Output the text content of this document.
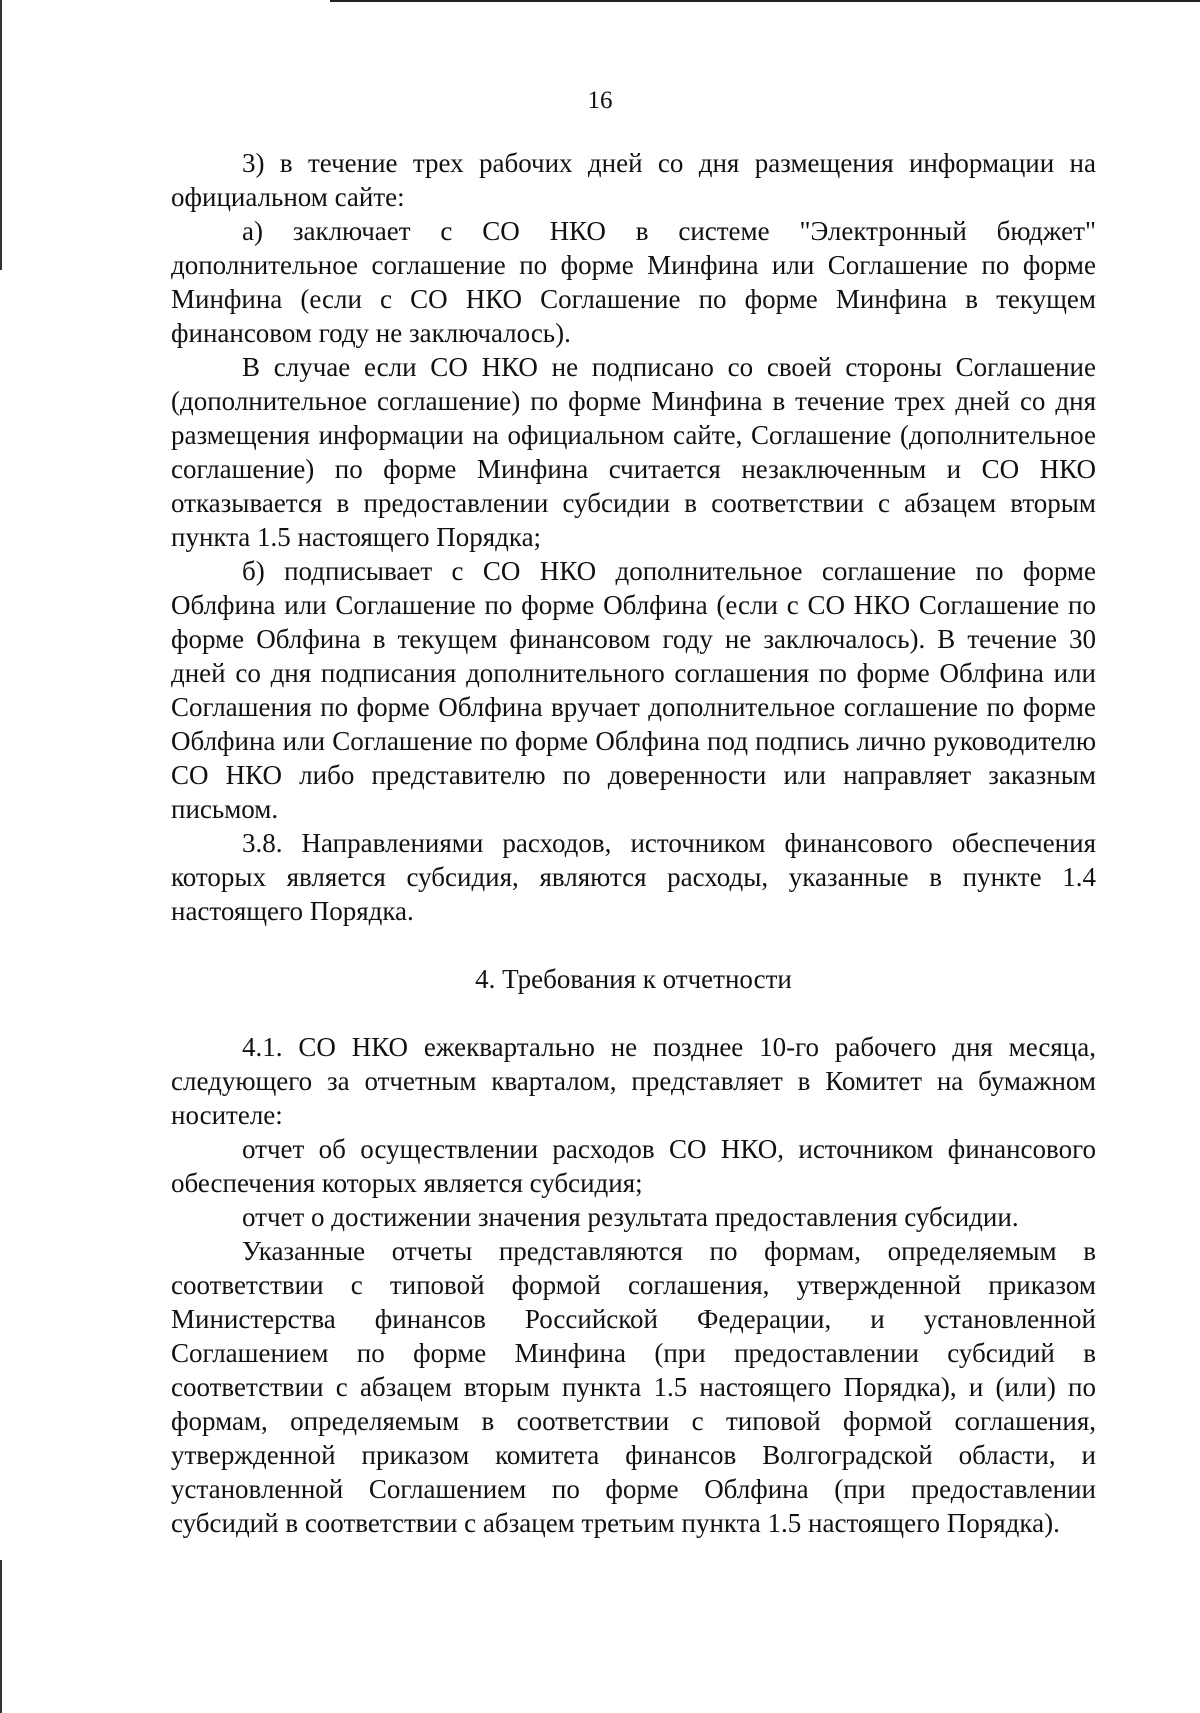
16

3) в течение трех рабочих дней со дня размещения информации на официальном сайте:

а) заключает с СО НКО в системе "Электронный бюджет" дополнительное соглашение по форме Минфина или Соглашение по форме Минфина (если с СО НКО Соглашение по форме Минфина в текущем финансовом году не заключалось).

В случае если СО НКО не подписано со своей стороны Соглашение (дополнительное соглашение) по форме Минфина в течение трех дней со дня размещения информации на официальном сайте, Соглашение (дополнительное соглашение) по форме Минфина считается незаключенным и СО НКО отказывается в предоставлении субсидии в соответствии с абзацем вторым пункта 1.5 настоящего Порядка;

б) подписывает с СО НКО дополнительное соглашение по форме Облфина или Соглашение по форме Облфина (если с СО НКО Соглашение по форме Облфина в текущем финансовом году не заключалось). В течение 30 дней со дня подписания дополнительного соглашения по форме Облфина или Соглашения по форме Облфина вручает дополнительное соглашение по форме Облфина или Соглашение по форме Облфина под подпись лично руководителю СО НКО либо представителю по доверенности или направляет заказным письмом.

3.8. Направлениями расходов, источником финансового обеспечения которых является субсидия, являются расходы, указанные в пункте 1.4 настоящего Порядка.

4. Требования к отчетности

4.1. СО НКО ежеквартально не позднее 10-го рабочего дня месяца, следующего за отчетным кварталом, представляет в Комитет на бумажном носителе:

отчет об осуществлении расходов СО НКО, источником финансового обеспечения которых является субсидия;

отчет о достижении значения результата предоставления субсидии.

Указанные отчеты представляются по формам, определяемым в соответствии с типовой формой соглашения, утвержденной приказом Министерства финансов Российской Федерации, и установленной Соглашением по форме Минфина (при предоставлении субсидий в соответствии с абзацем вторым пункта 1.5 настоящего Порядка), и (или) по формам, определяемым в соответствии с типовой формой соглашения, утвержденной приказом комитета финансов Волгоградской области, и установленной Соглашением по форме Облфина (при предоставлении субсидий в соответствии с абзацем третьим пункта 1.5 настоящего Порядка).
